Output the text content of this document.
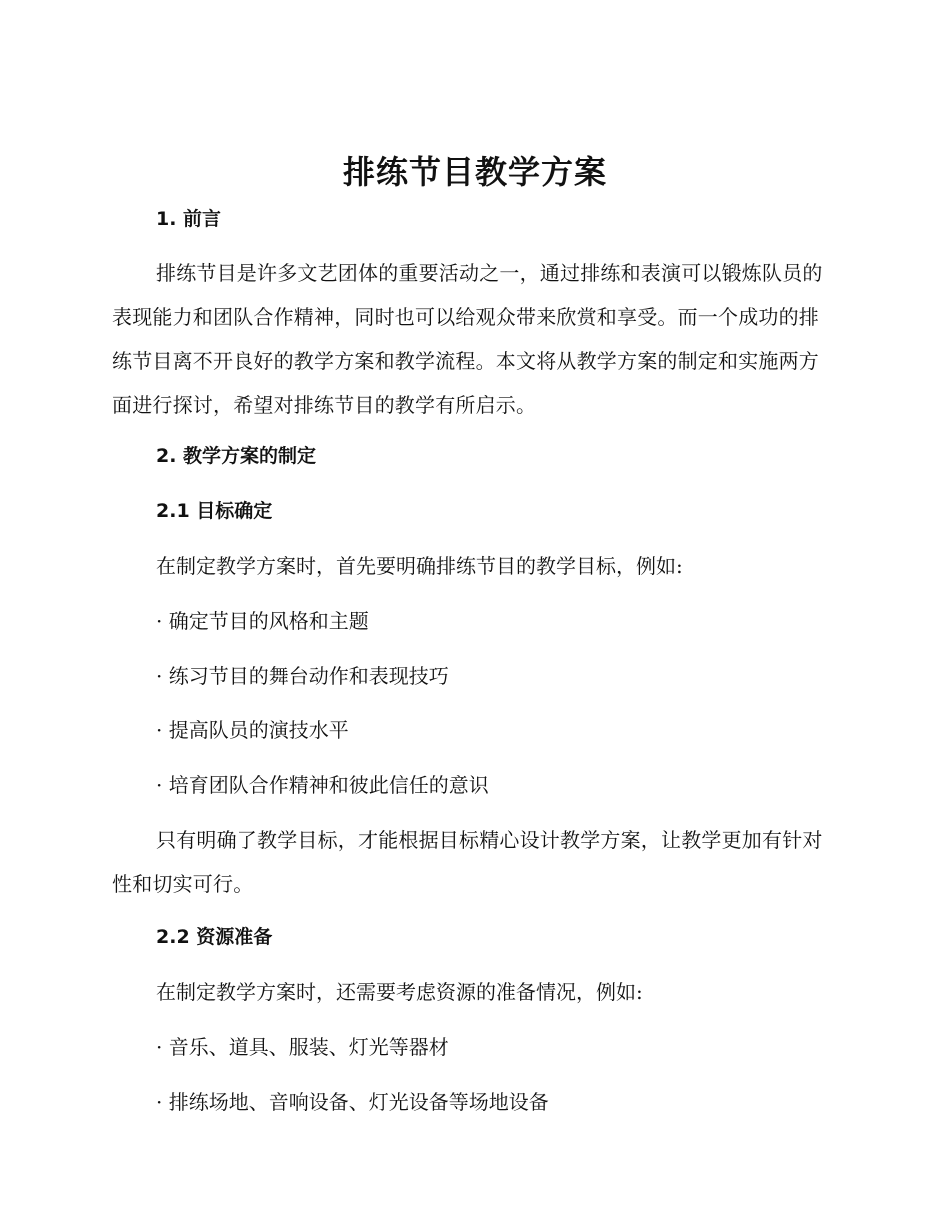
排练节目教学方案
1. 前言

排练节目是许多文艺团体的重要活动之一，通过排练和表演可以锻炼队员的表现能力和团队合作精神，同时也可以给观众带来欣赏和享受。而一个成功的排练节目离不开良好的教学方案和教学流程。本文将从教学方案的制定和实施两方面进行探讨，希望对排练节目的教学有所启示。

2. 教学方案的制定
2.1 目标确定

在制定教学方案时，首先要明确排练节目的教学目标，例如:

· 确定节目的风格和主题

· 练习节目的舞台动作和表现技巧

· 提高队员的演技水平

· 培育团队合作精神和彼此信任的意识

只有明确了教学目标，才能根据目标精心设计教学方案，让教学更加有针对性和切实可行。

2.2 资源准备

在制定教学方案时，还需要考虑资源的准备情况，例如:

· 音乐、道具、服装、灯光等器材

· 排练场地、音响设备、灯光设备等场地设备
